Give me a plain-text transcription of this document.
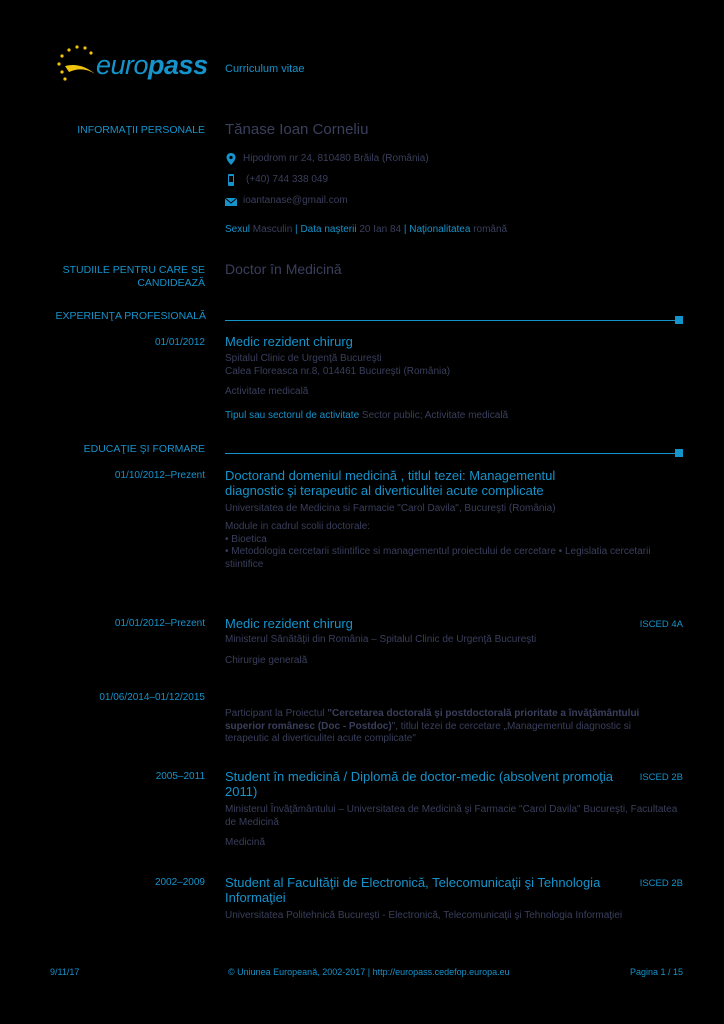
europass Curriculum vitae
INFORMAŢII PERSONALE Tănase Ioan Corneliu
Hipodrom nr 24, 810480 Brăila (România)
(+40) 744 338 049
ioantanase@gmail.com
Sexul Masculin | Data naşterii 20 Ian 84 | Naţionalitatea română
STUDIILE PENTRU CARE SE
CANDIDEAZĂ
Doctor în Medicină
EXPERIENŢA PROFESIONALĂ
01/01/2012 Medic rezident chirurg
Spitalul Clinic de Urgenţă Bucureşti
Calea Floreasca nr.8, 014461 Bucureşti (România)
Activitate medicală
Tipul sau sectorul de activitate Sector public; Activitate medicală
EDUCAŢIE ŞI FORMARE
01/10/2012–Prezent Doctorand domeniul medicină , titlul tezei: Managementul
diagnostic şi terapeutic al diverticulitei acute complicate
Universitatea de Medicina si Farmacie "Carol Davila", Bucureşti (România)
Module in cadrul scolii doctorale:
• Bioetica
• Metodologia cercetarii stiintifice si managementul proiectului de cercetare • Legislatia cercetarii
stiintifice
01/01/2012–Prezent Medic rezident chirurg	ISCED 4A
Ministerul Sănătăţii din România – Spitalul Clinic de Urgenţă Bucureşti
Chirurgie generală
01/06/2014–01/12/2015
Participant la Proiectul "Cercetarea doctorală şi postdoctorală prioritate a învăţământului
superior românesc (Doc - Postdoc)", titlul tezei de cercetare „Managementul diagnostic si
terapeutic al diverticulitei acute complicate"
2005–2011 Student în medicină / Diplomă de doctor-medic (absolvent promoţia
2011)
ISCED 2B
Ministerul Învăţământului – Universitatea de Medicină şi Farmacie "Carol Davila" Bucureşti, Facultatea
de Medicină
Medicină
2002–2009 Student al Facultăţii de Electronică, Telecomunicaţii şi Tehnologia
Informaţiei
ISCED 2B
Universitatea Politehnică Bucureşti - Electronică, Telecomunicaţii şi Tehnologia Informaţiei
9/11/17	© Uniunea Europeană, 2002-2017 | http://europass.cedefop.europa.eu	Pagina 1 / 15
